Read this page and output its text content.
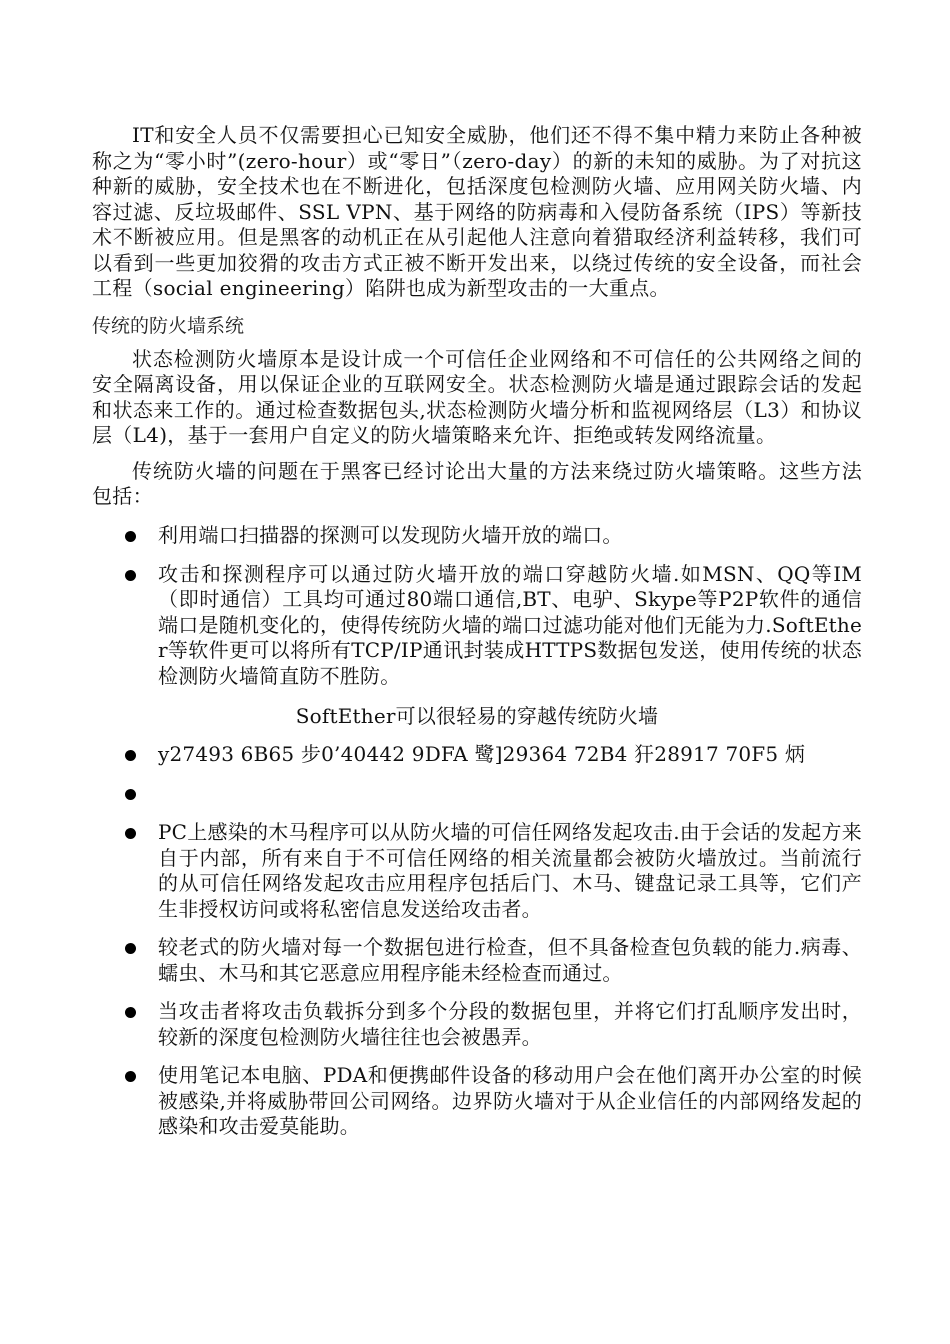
IT和安全人员不仅需要担心已知安全威胁，他们还不得不集中精力来防止各种被称之为“零小时”(zero-hour）或“零日”（zero-day）的新的未知的威胁。为了对抗这种新的威胁，安全技术也在不断进化，包括深度包检测防火墙、应用网关防火墙、内容过滤、反垃圾邮件、SSL VPN、基于网络的防病毒和入侵防备系统（IPS）等新技术不断被应用。但是黑客的动机正在从引起他人注意向着猎取经济利益转移，我们可以看到一些更加狡猾的攻击方式正被不断开发出来，以绕过传统的安全设备，而社会工程（social engineering）陷阱也成为新型攻击的一大重点。

传统的防火墙系统

状态检测防火墙原本是设计成一个可信任企业网络和不可信任的公共网络之间的安全隔离设备，用以保证企业的互联网安全。状态检测防火墙是通过跟踪会话的发起和状态来工作的。通过检查数据包头,状态检测防火墙分析和监视网络层（L3）和协议层（L4)，基于一套用户自定义的防火墙策略来允许、拒绝或转发网络流量。

传统防火墙的问题在于黑客已经讨论出大量的方法来绕过防火墙策略。这些方法包括：

利用端口扫描器的探测可以发现防火墙开放的端口。
攻击和探测程序可以通过防火墙开放的端口穿越防火墙.如MSN、QQ等IM（即时通信）工具均可通过80端口通信,BT、电驴、Skype等P2P软件的通信端口是随机变化的，使得传统防火墙的端口过滤功能对他们无能为力.SoftEther等软件更可以将所有TCP/IP通讯封装成HTTPS数据包发送，使用传统的状态检测防火墙简直防不胜防。
SoftEther可以很轻易的穿越传统防火墙
y27493 6B65 步0’40442 9DFA 鹭]29364 72B4 犴28917 70F5 炳
PC上感染的木马程序可以从防火墙的可信任网络发起攻击.由于会话的发起方来自于内部，所有来自于不可信任网络的相关流量都会被防火墙放过。当前流行的从可信任网络发起攻击应用程序包括后门、木马、键盘记录工具等，它们产生非授权访问或将私密信息发送给攻击者。
较老式的防火墙对每一个数据包进行检查，但不具备检查包负载的能力.病毒、蠕虫、木马和其它恶意应用程序能未经检查而通过。
当攻击者将攻击负载拆分到多个分段的数据包里，并将它们打乱顺序发出时，较新的深度包检测防火墙往往也会被愚弄。
使用笔记本电脑、PDA和便携邮件设备的移动用户会在他们离开办公室的时候被感染,并将威胁带回公司网络。边界防火墙对于从企业信任的内部网络发起的感染和攻击爱莫能助。
